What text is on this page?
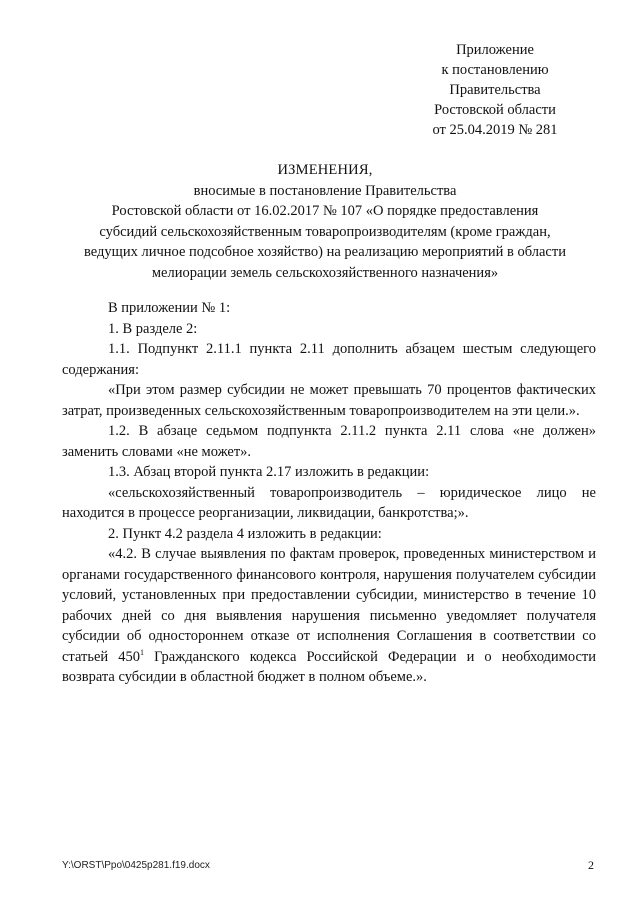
Приложение
к постановлению
Правительства
Ростовской области
от 25.04.2019 № 281
ИЗМЕНЕНИЯ,
вносимые в постановление Правительства
Ростовской области от 16.02.2017 № 107 «О порядке предоставления
субсидий сельскохозяйственным товаропроизводителям (кроме граждан,
ведущих личное подсобное хозяйство) на реализацию мероприятий в области
мелиорации земель сельскохозяйственного назначения»

В приложении № 1:

1. В разделе 2:

1.1. Подпункт 2.11.1 пункта 2.11 дополнить абзацем шестым следующего содержания:

«При этом размер субсидии не может превышать 70 процентов фактических затрат, произведенных сельскохозяйственным товаропроизводителем на эти цели.».

1.2. В абзаце седьмом подпункта 2.11.2 пункта 2.11 слова «не должен» заменить словами «не может».

1.3. Абзац второй пункта 2.17 изложить в редакции:

«сельскохозяйственный товаропроизводитель – юридическое лицо не находится в процессе реорганизации, ликвидации, банкротства;».

2. Пункт 4.2 раздела 4 изложить в редакции:

«4.2. В случае выявления по фактам проверок, проведенных министерством и органами государственного финансового контроля, нарушения получателем субсидии условий, установленных при предоставлении субсидии, министерство в течение 10 рабочих дней со дня выявления нарушения письменно уведомляет получателя субсидии об одностороннем отказе от исполнения Соглашения в соответствии со статьей $450^1$ Гражданского кодекса Российской Федерации и о необходимости возврата субсидии в областной бюджет в полном объеме.».

Y:\ORST\Ppo\0425p281.f19.docx	2
